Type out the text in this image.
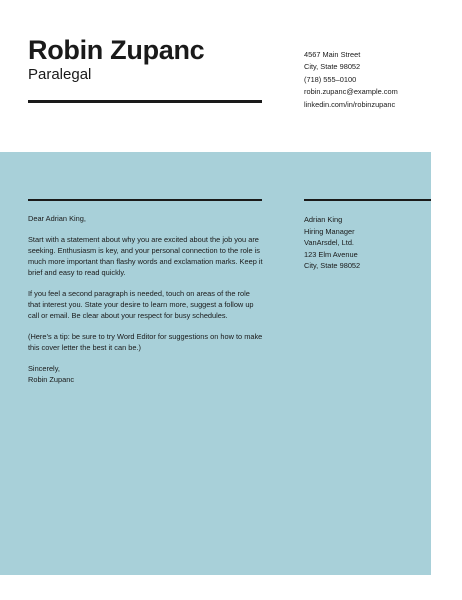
Robin Zupanc
Paralegal
4567 Main Street
City, State 98052
(718) 555–0100
robin.zupanc@example.com
linkedin.com/in/robinzupanc

Dear Adrian King,

Start with a statement about why you are excited about the job you are seeking. Enthusiasm is key, and your personal connection to the role is much more important than flashy words and exclamation marks. Keep it brief and easy to read quickly.

If you feel a second paragraph is needed, touch on areas of the role that interest you. State your desire to learn more, suggest a follow up call or email. Be clear about your respect for busy schedules.

(Here’s a tip: be sure to try Word Editor for suggestions on how to make this cover letter the best it can be.)

Sincerely,
Robin Zupanc
Adrian King
Hiring Manager
VanArsdel, Ltd.
123 Elm Avenue
City, State 98052
